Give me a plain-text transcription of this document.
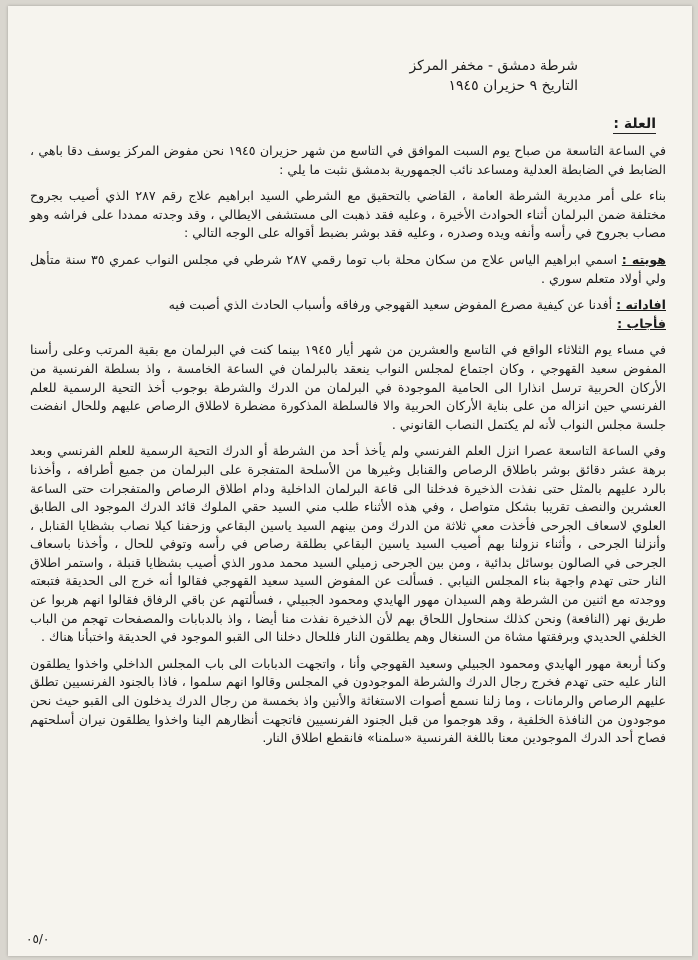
شرطة دمشق - مخفر المركز
التاريخ ٩ حزيران ١٩٤٥
العلة :

في الساعة التاسعة من صباح يوم السبت الموافق في التاسع من شهر حزيران ١٩٤٥ نحن مفوض المركز يوسف دقا باهي ، الضابط في الضابطة العدلية ومساعد نائب الجمهورية بدمشق نثبت ما يلي :

بناء على أمر مديرية الشرطة العامة ، القاضي بالتحقيق مع الشرطي السيد ابراهيم علاج رقم ٢٨٧ الذي أصيب بجروح مختلفة ضمن البرلمان أثناء الحوادث الأخيرة ، وعليه فقد ذهبت الى مستشفى الايطالي ، وقد وجدته ممددا على فراشه وهو مصاب بجروح في رأسه وأنفه ويده وصدره ، وعليه فقد بوشر بضبط أقواله على الوجه التالي :

هويته : اسمي ابراهيم الياس علاج من سكان محلة باب توما رقمي ٢٨٧ شرطي في مجلس النواب عمري ٣٥ سنة متأهل ولي أولاد متعلم سوري .

افاداته : أفدنا عن كيفية مصرع المفوض سعيد القهوجي ورفاقه وأسباب الحادث الذي أصبت فيه
فأجاب :

في مساء يوم الثلاثاء الواقع في التاسع والعشرين من شهر أيار ١٩٤٥ بينما كنت في البرلمان مع بقية المرتب وعلى رأسنا المفوض سعيد القهوجي ، وكان اجتماع لمجلس النواب ينعقد بالبرلمان في الساعة الخامسة ، واذ بسلطة الفرنسية من الأركان الحربية ترسل انذارا الى الحامية الموجودة في البرلمان من الدرك والشرطة بوجوب أخذ التحية الرسمية للعلم الفرنسي حين انزاله من على بناية الأركان الحربية والا فالسلطة المذكورة مضطرة لاطلاق الرصاص عليهم وللحال انفضت جلسة مجلس النواب لأنه لم يكتمل النصاب القانوني .

وفي الساعة التاسعة عصرا انزل العلم الفرنسي ولم يأخذ أحد من الشرطة أو الدرك التحية الرسمية للعلم الفرنسي وبعد برهة عشر دقائق بوشر باطلاق الرصاص والقنابل وغيرها من الأسلحة المتفجرة على البرلمان من جميع أطرافه ، وأخذنا بالرد عليهم بالمثل حتى نفذت الذخيرة فدخلنا الى قاعة البرلمان الداخلية ودام اطلاق الرصاص والمتفجرات حتى الساعة العشرين والنصف تقريبا بشكل متواصل ، وفي هذه الأثناء طلب مني السيد حقي الملوك قائد الدرك الموجود الى الطابق العلوي لاسعاف الجرحى فأخذت معي ثلاثة من الدرك ومن بينهم السيد ياسين البقاعي وزحفنا كيلا نصاب بشظايا القنابل ، وأنزلنا الجرحى ، وأثناء نزولنا بهم أصيب السيد ياسين البقاعي بطلقة رصاص في رأسه وتوفي للحال ، وأخذنا باسعاف الجرحى في الصالون بوسائل بدائية ، ومن بين الجرحى زميلي السيد محمد مدور الذي أصيب بشظايا قنبلة ، واستمر اطلاق النار حتى تهدم واجهة بناء المجلس النيابي . فسألت عن المفوض السيد سعيد القهوجي فقالوا أنه خرج الى الحديقة فتبعته ووجدته مع اثنين من الشرطة وهم السيدان مهور الهايدي ومحمود الجبيلي ، فسألتهم عن باقي الرفاق فقالوا انهم هربوا عن طريق نهر (النافعة) ونحن كذلك سنحاول اللحاق بهم لأن الذخيرة نفذت منا أيضا ، واذ بالدبابات والمصفحات تهجم من الباب الخلفي الحديدي وبرفقتها مشاة من السنغال وهم يطلقون النار فللحال دخلنا الى القبو الموجود في الحديقة واختبأنا هناك .

وكنا أربعة مهور الهايدي ومحمود الجبيلي وسعيد القهوجي وأنا ، واتجهت الدبابات الى باب المجلس الداخلي واخذوا يطلقون النار عليه حتى تهدم فخرج رجال الدرك والشرطة الموجودون في المجلس وقالوا انهم سلموا ، فاذا بالجنود الفرنسيين تطلق عليهم الرصاص والرمانات ، وما زلنا نسمع أصوات الاستغاثة والأنين واذ بخمسة من رجال الدرك يدخلون الى القبو حيث نحن موجودون من النافذة الخلفية ، وقد هوجموا من قبل الجنود الفرنسيين فاتجهت أنظارهم الينا واخذوا يطلقون نيران أسلحتهم فصاح أحد الدرك الموجودين معنا باللغة الفرنسية «سلمنا» فانقطع اطلاق النار.

٠٥/٠
